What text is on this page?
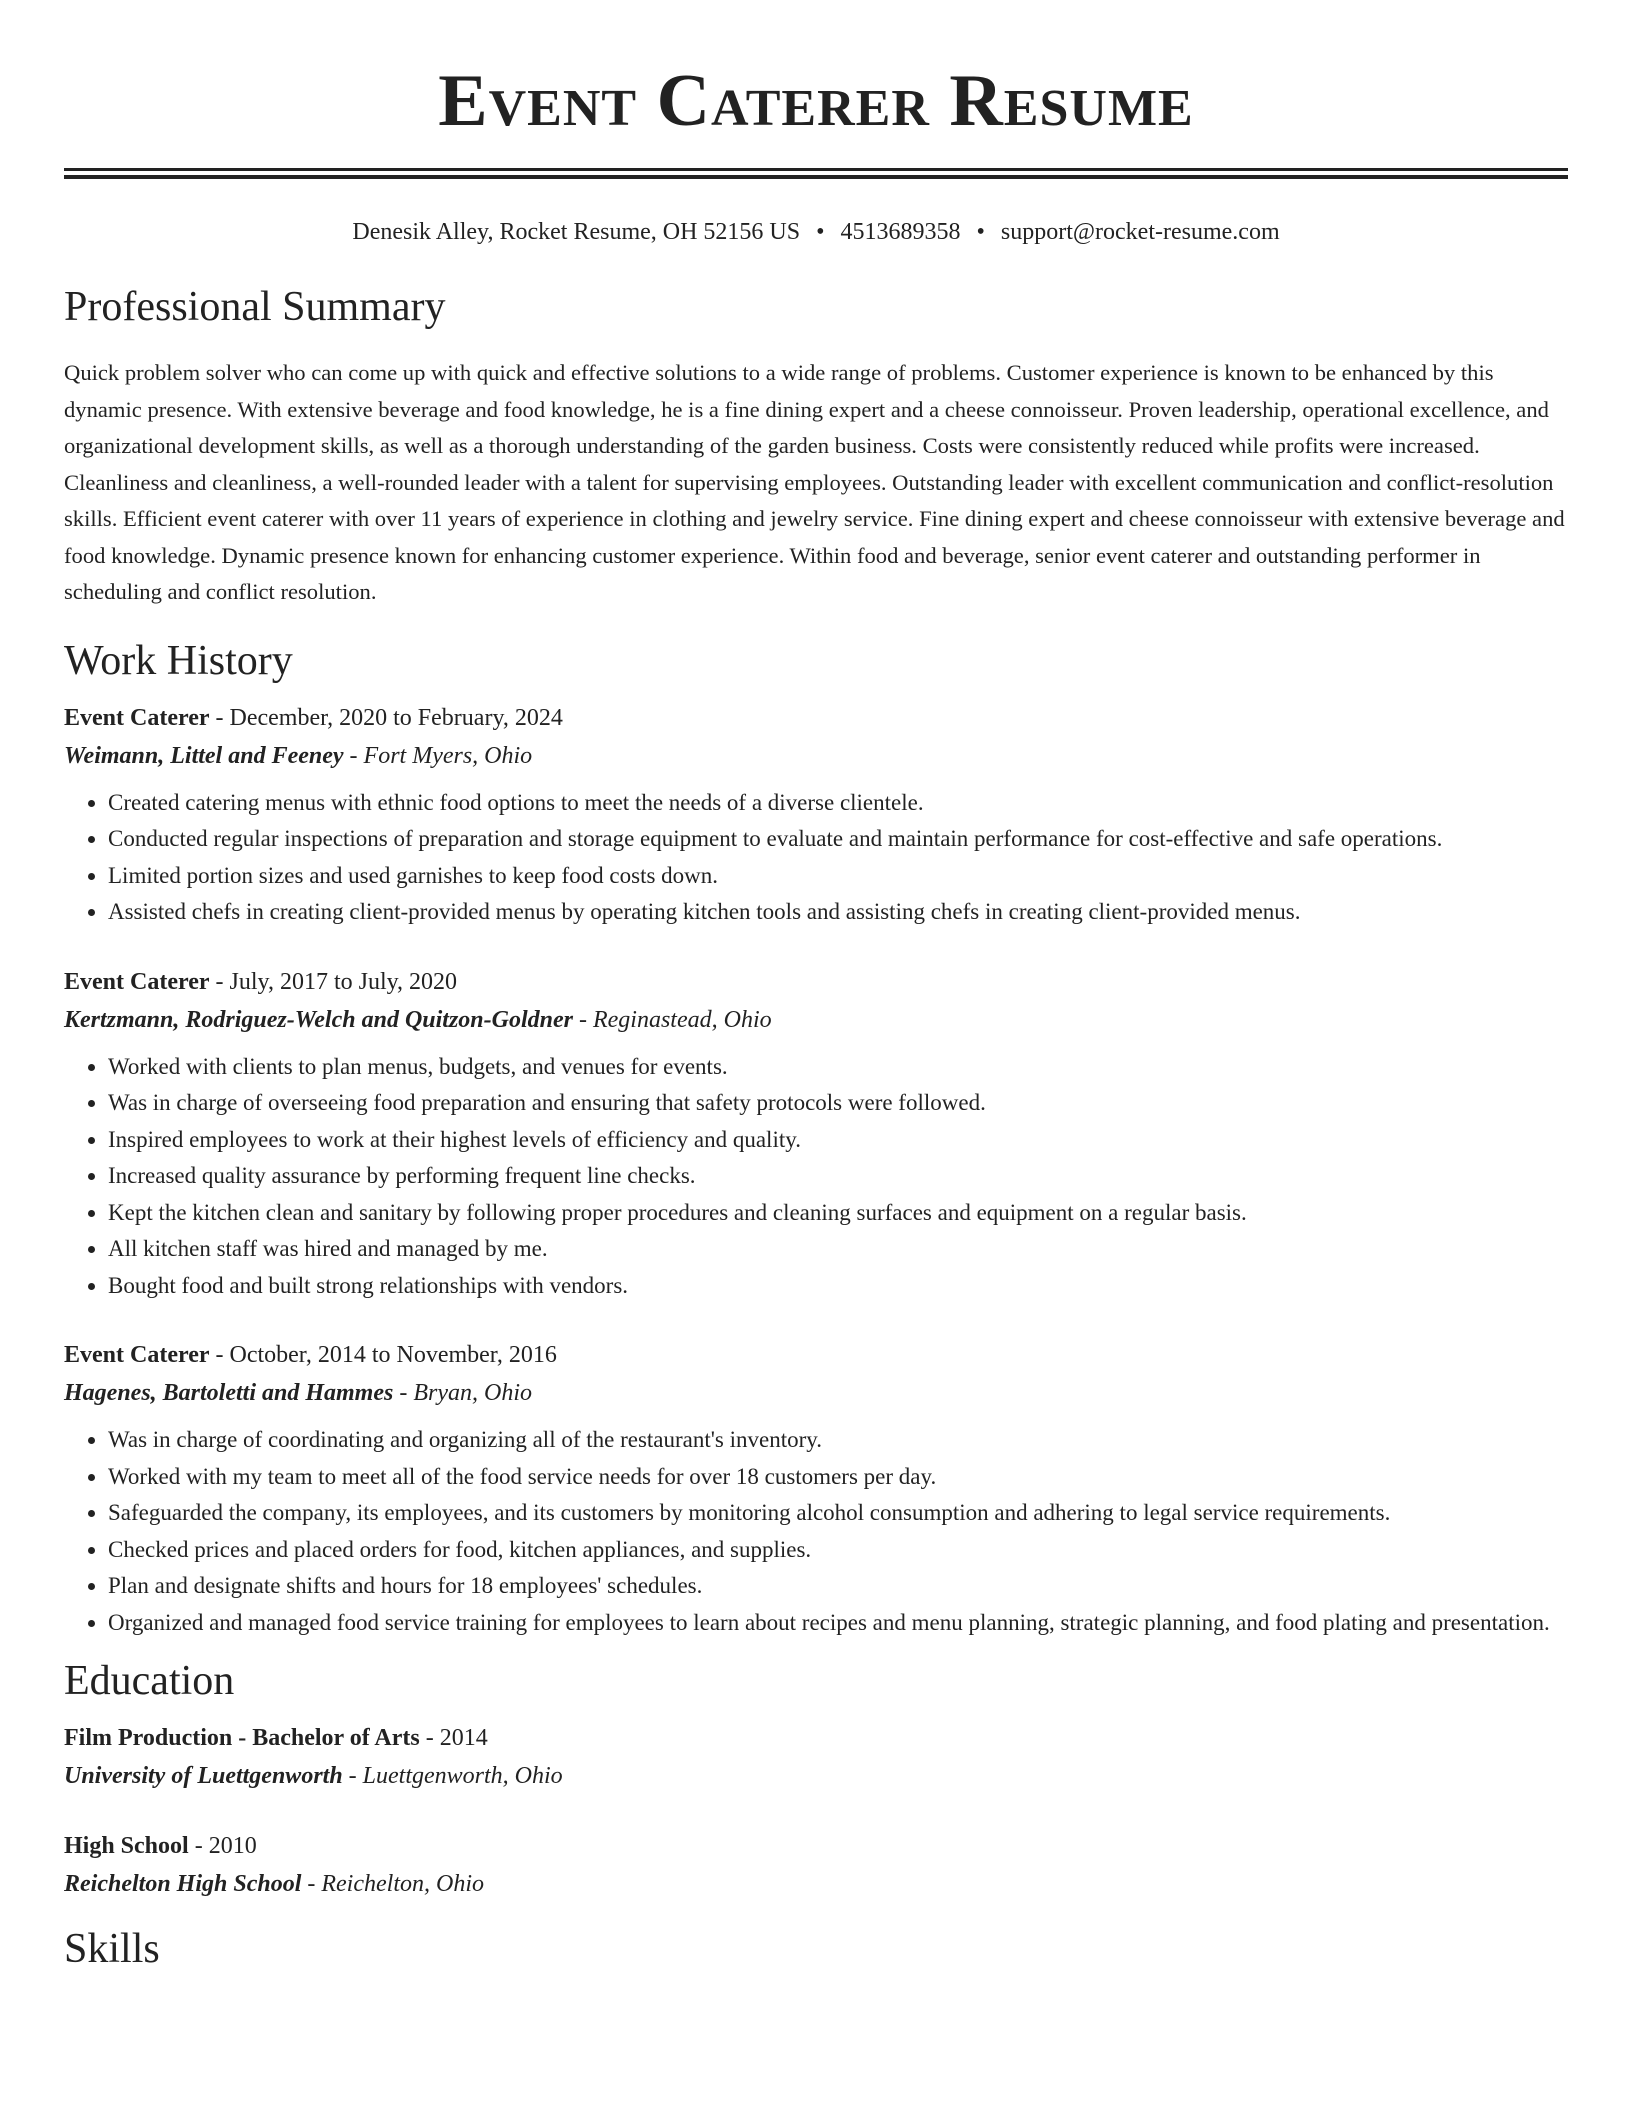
Event Caterer Resume
Denesik Alley, Rocket Resume, OH 52156 US • 4513689358 • support@rocket-resume.com
Professional Summary

Quick problem solver who can come up with quick and effective solutions to a wide range of problems. Customer experience is known to be enhanced by this dynamic presence. With extensive beverage and food knowledge, he is a fine dining expert and a cheese connoisseur. Proven leadership, operational excellence, and organizational development skills, as well as a thorough understanding of the garden business. Costs were consistently reduced while profits were increased. Cleanliness and cleanliness, a well-rounded leader with a talent for supervising employees. Outstanding leader with excellent communication and conflict-resolution skills. Efficient event caterer with over 11 years of experience in clothing and jewelry service. Fine dining expert and cheese connoisseur with extensive beverage and food knowledge. Dynamic presence known for enhancing customer experience. Within food and beverage, senior event caterer and outstanding performer in scheduling and conflict resolution.

Work History
Event Caterer - December, 2020 to February, 2024
Weimann, Littel and Feeney - Fort Myers, Ohio
• Created catering menus with ethnic food options to meet the needs of a diverse clientele.
• Conducted regular inspections of preparation and storage equipment to evaluate and maintain performance for cost-effective and safe operations.
• Limited portion sizes and used garnishes to keep food costs down.
• Assisted chefs in creating client-provided menus by operating kitchen tools and assisting chefs in creating client-provided menus.
Event Caterer - July, 2017 to July, 2020
Kertzmann, Rodriguez-Welch and Quitzon-Goldner - Reginastead, Ohio
• Worked with clients to plan menus, budgets, and venues for events.
• Was in charge of overseeing food preparation and ensuring that safety protocols were followed.
• Inspired employees to work at their highest levels of efficiency and quality.
• Increased quality assurance by performing frequent line checks.
• Kept the kitchen clean and sanitary by following proper procedures and cleaning surfaces and equipment on a regular basis.
• All kitchen staff was hired and managed by me.
• Bought food and built strong relationships with vendors.
Event Caterer - October, 2014 to November, 2016
Hagenes, Bartoletti and Hammes - Bryan, Ohio
• Was in charge of coordinating and organizing all of the restaurant's inventory.
• Worked with my team to meet all of the food service needs for over 18 customers per day.
• Safeguarded the company, its employees, and its customers by monitoring alcohol consumption and adhering to legal service requirements.
• Checked prices and placed orders for food, kitchen appliances, and supplies.
• Plan and designate shifts and hours for 18 employees' schedules.
• Organized and managed food service training for employees to learn about recipes and menu planning, strategic planning, and food plating and presentation.
Education
Film Production - Bachelor of Arts - 2014
University of Luettgenworth - Luettgenworth, Ohio
High School - 2010
Reichelton High School - Reichelton, Ohio
Skills
